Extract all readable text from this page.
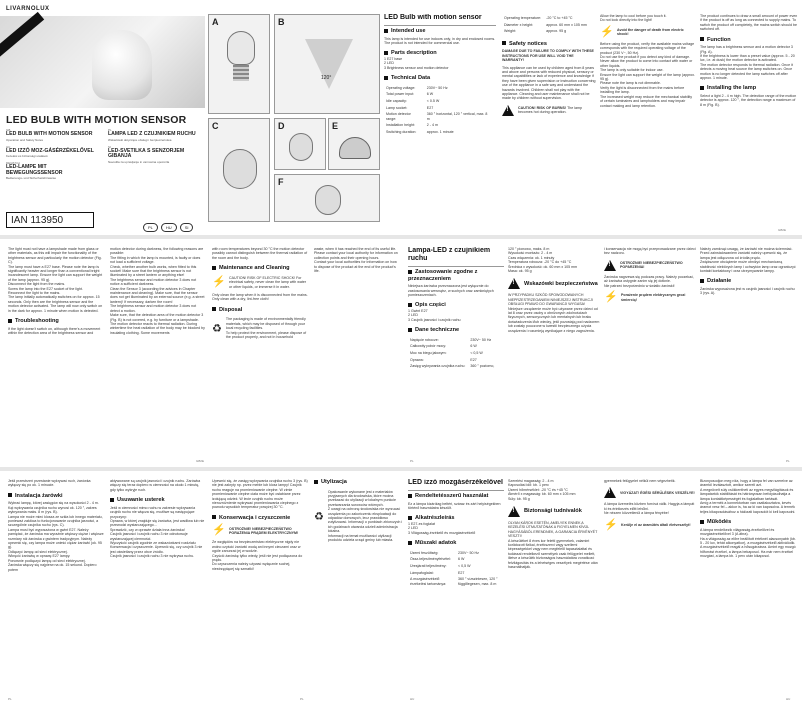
LIVARNOLUX
LED BULB WITH MOTION SENSOR
GB
LED BULB WITH MOTION SENSOR
Operation and Safety Notes
HU
LED IZZÓ MOZ-GÁSÉRZÉKELŐVEL
Kezelési és biztonsági utalások
DE/AT/CH
LED-LAMPE MIT BEWEGUNGSSENSOR
Bedienungs- und Sicherheitshinweise
PL
LAMPA LED Z CZUJNIKIEM RUCHU
Wskazówki dotyczące obsługi i bezpieczeństwa
SI
LED-SVETILKA S SENZORJEM GIBANJA
Navodila za upravljanje in varnostna opozorila
IAN 113950
PL	HU	SI
A	B
120°
C	D	E
F
LED Bulb with motion sensor
Intended use
This lamp is intended for use indoors only, in dry and enclosed rooms. The product is not intended for commercial use.
Parts description
1 E27 base
2 LED
3 Brightness sensor and motion detector
Technical Data
Operating voltage:	230V~ 50 Hz
Total power input:	6 W
Idle capacity:	< 0.5 W
Lamp socket:	E27
Motion detector range:	360 ° horizontal, 120 ° vertical, max. 8 m
Installation height:	2 - 4 m
Switching duration:	approx. 1 minute
Operating temperature:	-20 °C to +45 °C
Diameter x height:	approx. 60 mm x 105 mm
Weight:	approx. 95 g
Safety notices
DAMAGE DUE TO FAILURE TO COMPLY WITH THESE INSTRUCTIONS FOR USE WILL VOID THE WARRANTY!
This appliance can be used by children aged from 8 years and above and persons with reduced physical, sensory or mental capabilities or lack of experience and knowledge if they have been given supervision or instruction concerning use of the appliance in a safe way and understand the hazards involved. Children shall not play with the appliance. Cleaning and user maintenance shall not be made by children without supervision.
!
CAUTION! RISK OF BURNS! The lamp becomes hot during operation.
Allow the lamp to cool before you touch it.
Do not look directly into the light!
⚡
Avoid the danger of death from electric shock!
Before using the product, verify the available mains voltage corresponds with the required operating voltage of the product (230 V~, 50 Hz).
Do not use the product if you detect any kind of damage.
Never allow the product to come into contact with water or other liquids.
The lamp is only suitable for indoor use.
Ensure the light can support the weight of the lamp (approx. 95 g).
Please note the lamp is not dimmable.
Verify the light is disconnected from the mains before installing the lamp.
The increased weight may reduce the mechanical stability of certain luminaires and lampholders and may impair contact making and lamp retention.
The product continues to draw a small amount of power even if the product is off as long as connected to supply mains. To switch the product off completely, the mains switch should be switched off.
Function
The lamp has a brightness sensor and a motion detector 3 (Fig. A).
If the brightness is lower than a preset value (approx. 5 - 20 lux, i.e. at dusk) the motion detector is activated.
The motion detector responds to thermal radiation. Once it detects a moving heat source the lamp switches on. Once motion is no longer detected the lamp switches off after approx. 1 minute.
Installing the lamp
Select a light 2 - 4 m high. The detection range of the motion detector is approx. 120 °, the detection range a maximum of 8 m (Fig. B).
GB/IE
The light must not have a lampshade made from glass or other materials, as this will impair the functionality of the brightness sensor and particularly the motion detector (Fig. C).
The lamp must have a E27 base. Please note the lamp is significantly heavier and longer than a conventional bright incandescent lamp. Ensure the light can support the weight of the lamp (approx. 95 g).
Disconnect the light from the mains.
Screw the lamp into the E27 socket of the light.
Reconnect the light to the mains.
The lamp initially automatically switches on for approx. 15 seconds. Only then are the brightness sensor and the motion detector activated. The lamp will now only switch on in the dark for approx. 1 minute when motion is detected.
Troubleshooting
If the light doesn't switch on, although there's a movement within the detection area of the brightness sensor and
motion detector during darkness, the following reasons are possible:
The fitting in which the lamp is mounted, is faulty or does not load a sufficient voltage.
Check, whether another bulb works, when fitted to this socket! Make sure that the brightness sensor is not illuminated by a street lantern or anything else!
The brightness sensor and motion detector 3 does not notice a sufficient darkness.
Clean the Sensor 3 (according the advices in Chapter maintenance and cleaning). Make sure, that the sensor does not get illuminated by an external source (e.g. a street lantern)! If necessary, darken the room!
The brightness sensor and motion detector 3 does not detect a motion.
Make sure, that the detection area of the motion detector 3 (Fig. B) is not covered, e.g. by furniture or a lampshade.
The motion detector reacts to thermal radiation. During wintertime the heat radiation of the body may be blocked by insulating clothing. Some movements
with room temperatures beyond 30 °C the motion detector possibly cannot distinguish between the thermal radiation of the room and the body.
Maintenance and Cleaning
⚡
CAUTION! RISK OF ELECTRIC SHOCK! For electrical safety, never clean the lamp with water or other liquids, or immerse it in water.
Only clean the lamp when it is disconnected from the mains.
Only clean with a dry, lint-free cloth!
Disposal
♻
The packaging is made of environmentally friendly materials, which may be disposed of through your local recycling facilities.
To help protect the environment, please dispose of the product properly, and not in household
waste, when it has reached the end of its useful life. Please contact your local authority for information on collection points and their opening hours.
Contact your local authorities for information on how to dispose of the product at the end of the product's life.
Lampa-LED z czujnikiem ruchu
Zastosowanie zgodne z przeznaczeniem
Niniejsza żarówka przeznaczona jest wyłącznie do zastosowania wewnątrz, w suchych oraz zamkniętych pomieszczeniach.
Opis części
1 Gwint E27
2 LED
3 Czujnik jasności i czujnik ruchu
Dane techniczne
Napięcie robocze:	230V~ 50 Hz
Całkowity pobór mocy:	6 W
Moc na biegu jałowym:	< 0,5 W
Oprawa:	E27
Zasięg wykrywania czujnika ruchu:	360 ° poziomo,
120 ° pionowo, maks. 8 m
Wysokość montażu: 2 - 4 m
Czas włączenia: ok. 1 minuty
Temperatura robocza: -20 °C do +45 °C
Średnica x wysokość: ok. 60 mm x 105 mm
Masa: ok. 95 g
!
Wskazówki bezpieczeństwa
W PRZYPADKU SZKÓD SPOWODOWANYCH NIEPRZESTRZEGANIEM NINIEJSZEJ INSTRUKCJI OBSŁUGI PRAWO DO GWARANCJI WYGASA!
Niniejsze urządzenie może być używane przez dzieci od lat 8 oraz przez osoby o obniżonych zdolnościach fizycznych, sensorycznych lub mentalnych lub braku doświadczenia i/lub wiedzy, jeśli pozostają pod nadzorem lub zostały pouczone w kwestii bezpiecznego użycia urządzenia i rozumieją wynikające z niego zagrożenia.
i konserwacja nie mogą być przeprowadzane przez dzieci bez nadzoru.
!
OSTROŻNIE! NIEBEZPIECZEŃSTWO POPARZENIA!
Żarówka nagrzewa się podczas pracy. Należy poczekać, aż żarówka ostygnie zanim się jej dotknie.
Nie patrzeć bezpośrednio w światło żarówki!
⚡
Porażenie prądem elektrycznym grozi śmiercią!
Należy zamknąć uwagę, że żarówki nie można ściemniać.
Przed zainstalowaniem żarówki należy upewnić się, że lampa jest odłączona od źródła prądu.
Zwiększone obciążenie może obniżyć mechaniczną stabilność niektórych lamp i uchwytów lamp oraz ograniczyć kontakt kontaktowy i oraz utrzymywanie lampy.
Działanie
Żarówka wyposażona jest w czujnik jasności i czujnik ruchu 3 (rys. A).
GB/IE	PL	PL
Jeśli przestrzeń przestanie wykrywać ruch, żarówka wyłączy się po ok. 1 minucie.
Instalacja żarówki
Wybrać lampę, której zasięgów się na wysokości 2 - 4 m. Kąt wykrywania czujnika ruchu wynosi ok. 120 °, zakres wykrywania maks. 8 m (rys. B).
Lampa nie może mieć klosza ze szkła lub innego materiału, ponieważ zakłóca to funkcjonowanie czujnika jasności, a szczególnie czujnika ruchu (rys. C).
Lampa musi być wyposażona w gwint E27. Należy pamiętać, że żarówka ma wyraźnie większy ciężar i większe rozmiary niż żarówka z gwintem tradycyjnym. Należy upewnić się, czy lampa może unieść ciężar żarówki (ok. 95 g).
Odłączyć lampę od sieci elektrycznej.
Wkręcić żarówkę w oprawę E27 lampy.
Ponownie podłączyć lampę od sieci elektrycznej.
Żarówka włączy się najpierw na ok. 15 sekund. Dopiero potem
aktywowane są czujnik jasności i czujnik ruchu. Żarówka włączy się teraz dopiero w ciemności na około 1 minutę, gdy tylko wykryje ruch.
Usuwanie usterek
Jeśli w ciemności mimo ruchu w zakresie wykrywania czujnik ruchu nie włącza się, możliwe są następujące przyczyny:
Oprawa, w której znajduje się żarówka, jest wadliwa lub nie przewodzi wystarczającego...
Sprawdzić, czy w oprawie działa inna żarówka!
Czujnik jasności i czujnik ruchu 3 nie odnotowuje wystarczającej ciemności.
Wyczyścić czujnik zgodnie ze wskazówkami rozdziału Konserwacja i czyszczenie. Upewnić się, czy czujnik 3 nie jest oświetlany przez obce źródło.
Czujnik jasności i czujnik ruchu 3 nie wykrywa ruchu.
Upewnić się, że zasięg wykrywania czujnika ruchu 3 (rys. B) nie jest zakryty np. przez meble lub klosz lampy! Czujnik ruchu reaguje na promieniowanie cieplne. W zimie promieniowanie cieplne ciała może być osłabiane przez izolującą odzież. W lecie czujnik ruchu może nierozróżnienie wykrywać promieniowania cieplnego z powodu wysokich temperatur powyżej 30 °C.
Konserwacja i czyszczenie
⚡
OSTROŻNIE! NIEBEZPIECZEŃSTWO PORAŻENIA PRĄDEM ELEKTRYCZNYM!
Ze względów na bezpieczeństwo elektryczne nigdy nie wolno czyścić żarówki wodą ani innymi cieczami oraz w ogóle zanurzać jej w wodzie.
Czyścić żarówkę tylko wtedy, jeśli nie jest podłączona do prądu.
Do czyszczenia należy używać wyłącznie suchej, niestrzępiącej się szmatki!
Utylizacja
♻
Opakowanie wykonane jest z materiałów przyjaznych dla środowiska, które można przekazać do utylizacji w lokalnym punkcie przetwarzania surowców wtórnych.
Z uwagi na ochronę środowiska nie wyrzucać urządzenia po zakończeniu eksploatacji do odpadów domowych, lecz prawidłowo zutylizować. Informacji o punktach zbiorczych i ich godzinach otwarcia udzieli administracja lokalna.
Informacji na temat możliwości utylizacji produktu udziela urząd gminy lub miasta.
LED izzó mozgásérzékelővel
Rendeltetésszerű használat
Ez a lámpa kizárólag beltéri, száraz és zárt helyiségekben történő használatra készült.
Alkatrészleírás
1 E27-es foglalat
2 LED
3 Világosság-érzékelő és mozgásérzékelő
Műszaki adatok
Üzemi feszültség:	230V~ 50 Hz
Össz-teljesítményfelvétel:	6 W
Üresjárati teljesítmény:	< 0,5 W
Lámpafoglalat:	E27
A mozgásérzékelő érzékelési tartománya:	360 ° vízszintesen, 120 ° függőlegesen, max. 8 m
Szerelési magasság: 2 - 4 m
Kapcsolási idő: kb. 1 perc
Üzemi hőmérséklet: -20 °C és +45 °C
Átmérő x magasság: kb. 60 mm x 105 mm
Súly: kb. 95 g
!
Biztonsági tudnivalók
OLYAN KÁROK ESETÉN, AMELYEK ENNEK A KEZELÉSI ÚTMUTATÓNAK A FIGYELMEN KÍVÜL HAGYÁSÁBÓL ERENDNEK, A GARANCIA ÉRVÉNYÉT VESZTI!
A készüléket 8 éves kor feletti gyermekek, valamint korlátozott fizikai, érzékszervi vagy szellemi képességekkel vagy nem megfelelő tapasztalattal és tudással rendelkező személyek csak felügyelet mellett, illetve a készülék biztonságos használatára vonatkozó felvilágosítás és a lehetséges veszélyek megértése után használhatják.
gyermekek felügyelet nélkül nem végezhetik.
!
VIGYÁZAT! ÉGÉSI SÉRÜLÉSEK VESZÉLYE!
A lámpa üzemelés közben forróvá válik. Hagyja a lámpát ki és érintkezés előtt lehűlni.
Ne nézzen közvetlenül a lámpa fényébe!
⚡
Kerülje el az áramütés általi életveszélyt!
Bizonyosodjon meg róla, hogy a lámpa fel van szerelve az áramtól leválasztott, amikor szereli azt.
A megnövelt súly csökkentheti az egyes megvilágítások és lámpatartók stabilitását és hátrányosan befolyásolhatja a lámpa kontaktképességét és foglalatban tartását.
Amíg a termék a konnektorban van csatlakoztatva, kevés áramot vesz fel – akkor is, ha az ki van kapcsolva. A termék teljes kikapcsolásához a hálózati kapcsolót ki kell kapcsolni.
Működés
A lámpa rendelkezik világosság-érzékelővel és mozgásérzékelővel 3 (A ábra).
Ha a világosság az előre beállított értéknél alacsonyabb (kb. 5 - 20 lux, tehát alkonyatkor), a mozgásérzékelő aktiválódik.
A mozgásérzékelő reagál a hősugárzásra. Amint egy mozgó hőforrást érzékel, a lámpa bekapcsol. Ha már nem érzékel mozgást, a lámpa kb. 1 perc után kikapcsol.
PL	PL	HU	HU
